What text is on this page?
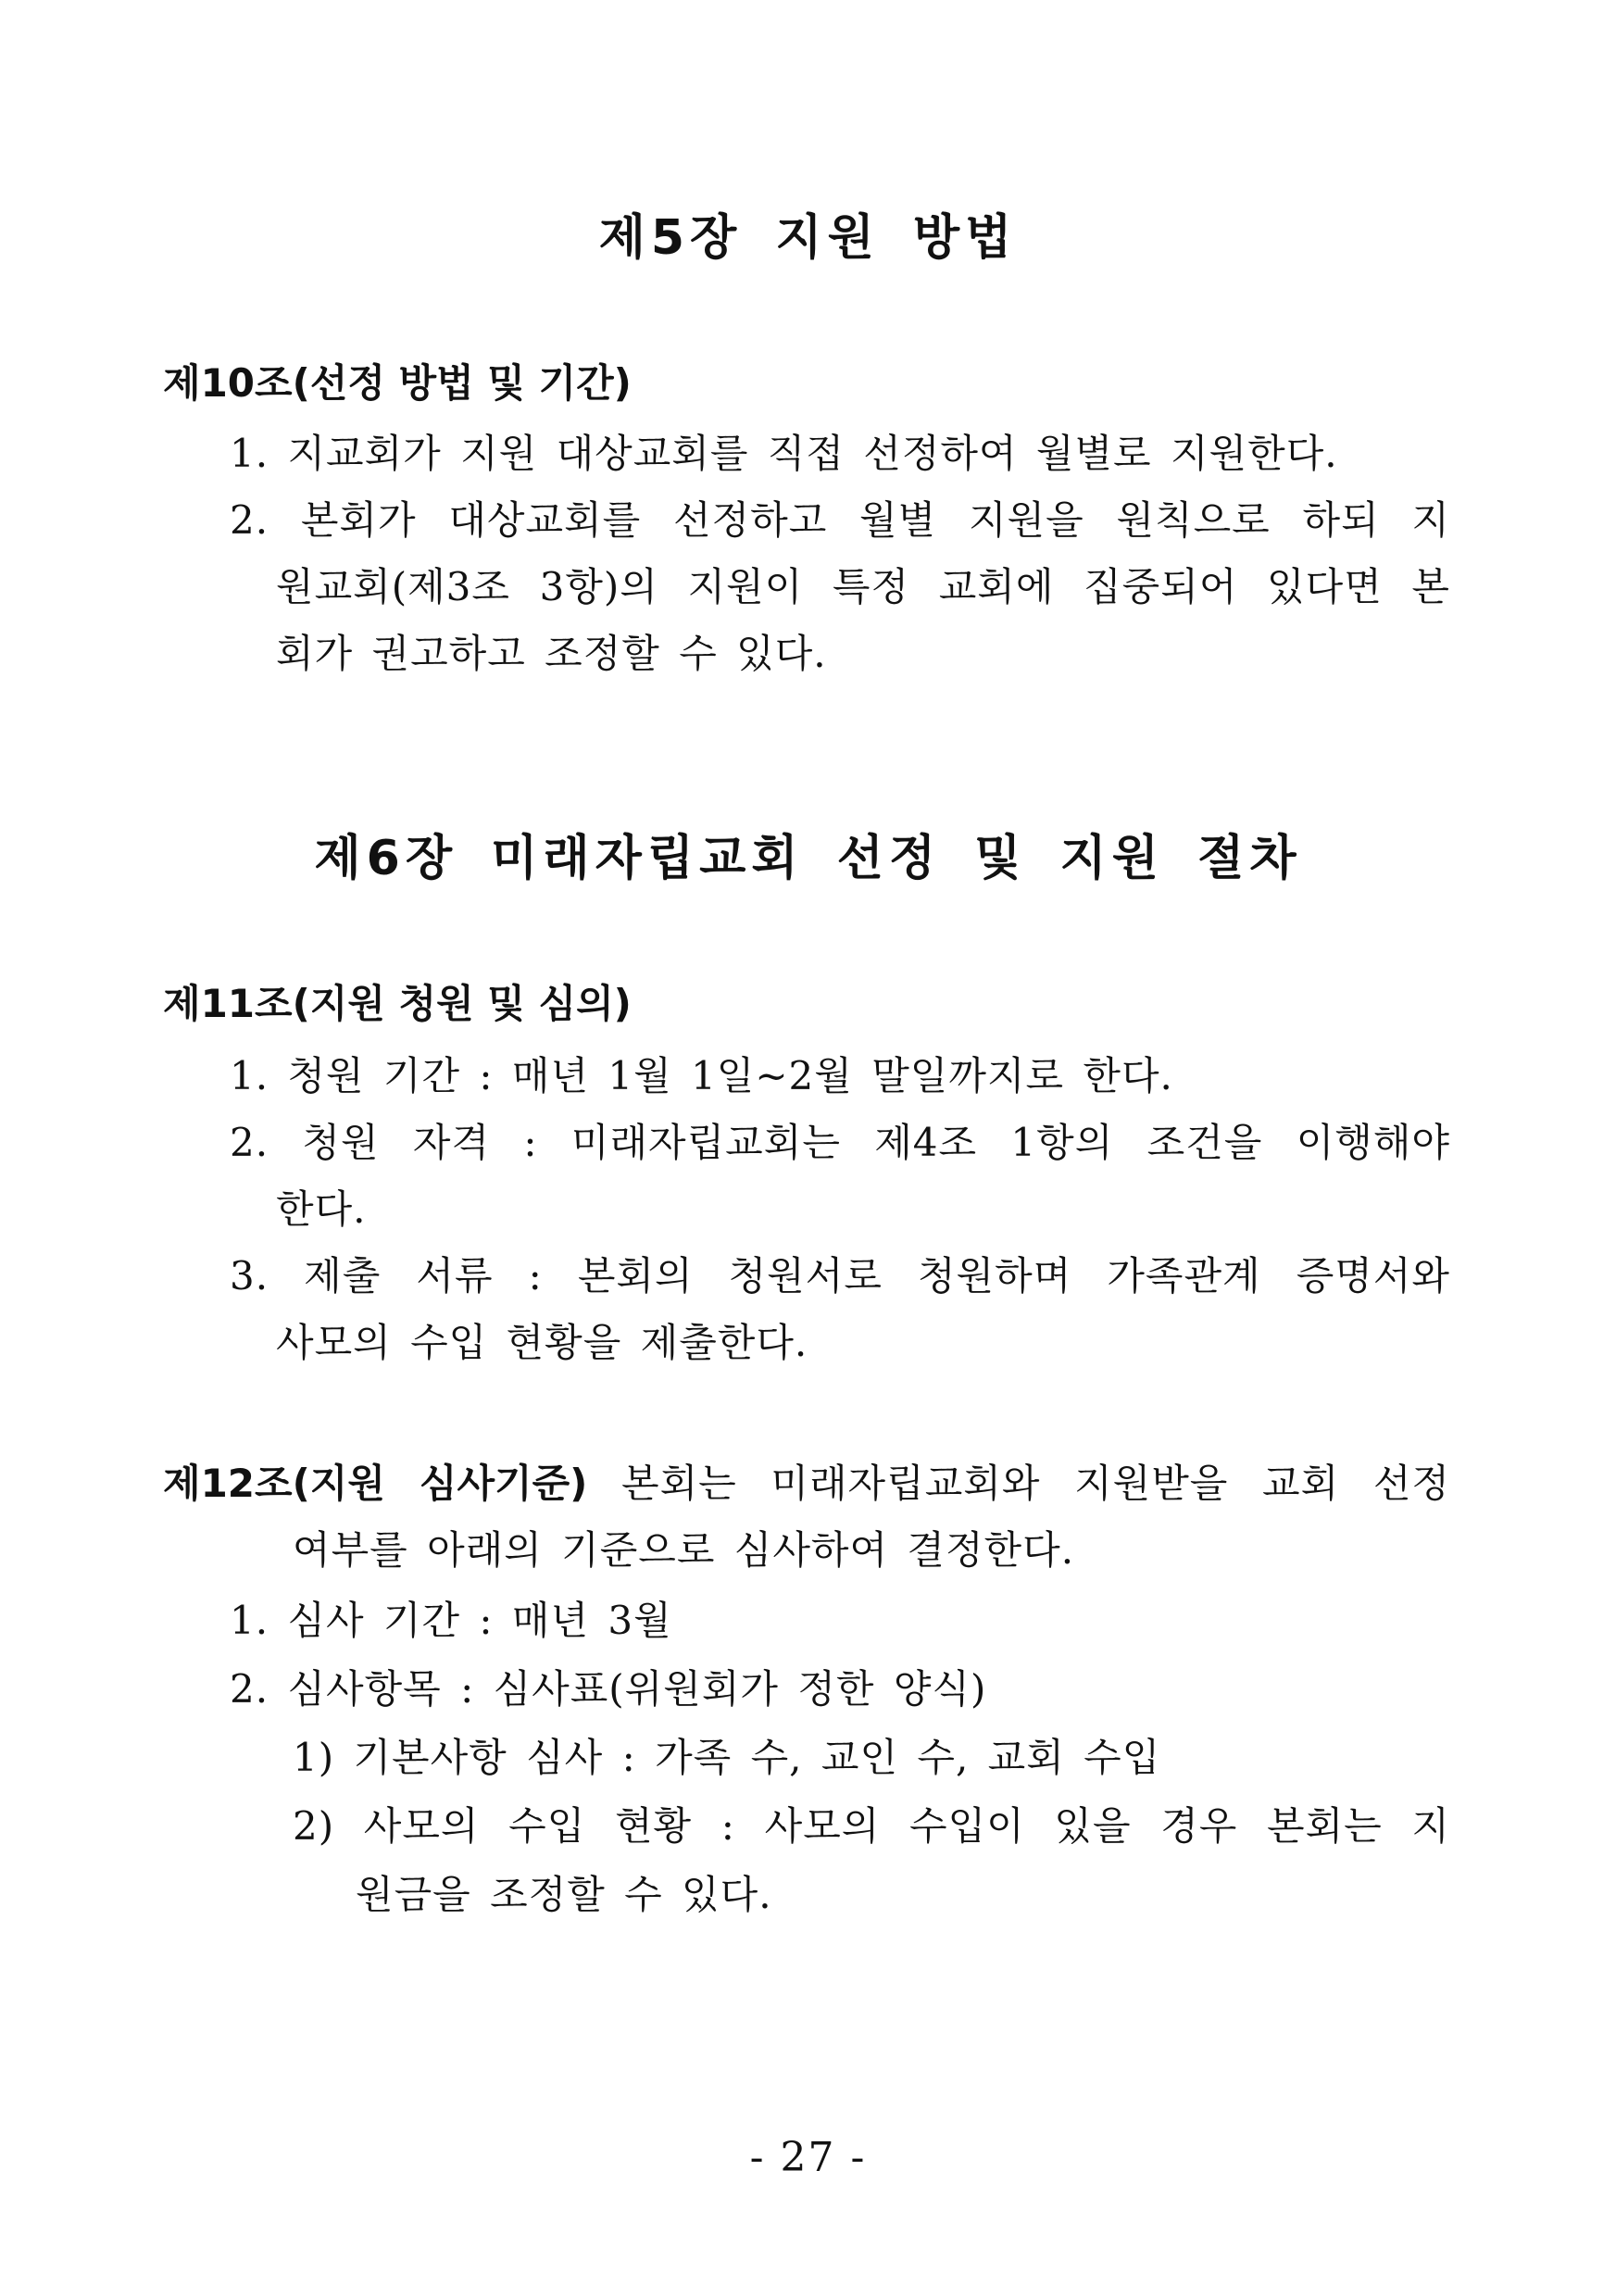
제5장 지원 방법
제10조(선정 방법 및 기간)
1. 지교회가 지원 대상교회를 직접 선정하여 월별로 지원한다.
2. 본회가 대상교회를 선정하고 월별 지원을 원칙으로 하되 지
원교회(제3조 3항)의 지원이 특정 교회에 집중되어 있다면 본
회가 권고하고 조정할 수 있다.
제6장 미래자립교회 선정 및 지원 절차
제11조(지원 청원 및 심의)
1. 청원 기간 : 매년 1월 1일~2월 말일까지로 한다.
2. 청원 자격 : 미래자립교회는 제4조 1항의 조건을 이행해야
한다.
3. 제출 서류 : 본회의 청원서로 청원하며 가족관계 증명서와
사모의 수입 현황을 제출한다.
제12조(지원 심사기준) 본회는 미래자립교회와 지원받을 교회 선정
여부를 아래의 기준으로 심사하여 결정한다.
1. 심사 기간 : 매년 3월
2. 심사항목 : 심사표(위원회가 정한 양식)
1) 기본사항 심사 : 가족 수, 교인 수, 교회 수입
2) 사모의 수입 현황 : 사모의 수입이 있을 경우 본회는 지
원금을 조정할 수 있다.
- 27 -
